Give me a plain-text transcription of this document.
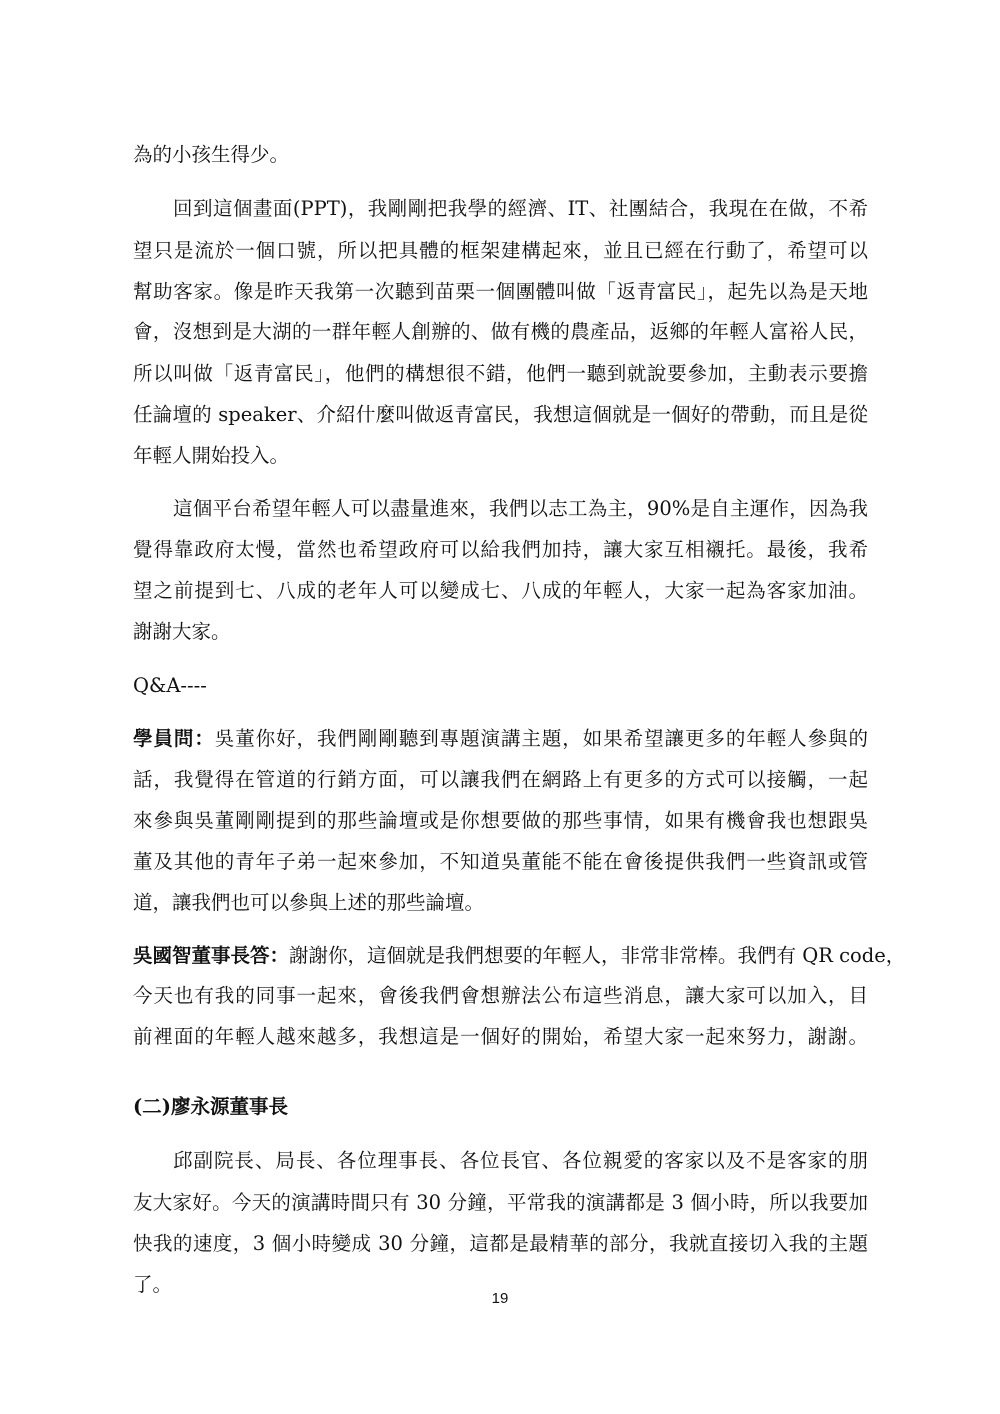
為的小孩生得少。
回到這個畫面(PPT)，我剛剛把我學的經濟、IT、社團結合，我現在在做，不希
望只是流於一個口號，所以把具體的框架建構起來，並且已經在行動了，希望可以
幫助客家。像是昨天我第一次聽到苗栗一個團體叫做「返青富民」，起先以為是天地
會，沒想到是大湖的一群年輕人創辦的、做有機的農產品，返鄉的年輕人富裕人民，
所以叫做「返青富民」，他們的構想很不錯，他們一聽到就說要參加，主動表示要擔
任論壇的 speaker、介紹什麼叫做返青富民，我想這個就是一個好的帶動，而且是從
年輕人開始投入。
這個平台希望年輕人可以盡量進來，我們以志工為主，90%是自主運作，因為我
覺得靠政府太慢，當然也希望政府可以給我們加持，讓大家互相襯托。最後，我希
望之前提到七、八成的老年人可以變成七、八成的年輕人，大家一起為客家加油。
謝謝大家。
Q&A----
學員問：吳董你好，我們剛剛聽到專題演講主題，如果希望讓更多的年輕人參與的
話，我覺得在管道的行銷方面，可以讓我們在網路上有更多的方式可以接觸，一起
來參與吳董剛剛提到的那些論壇或是你想要做的那些事情，如果有機會我也想跟吳
董及其他的青年子弟一起來參加，不知道吳董能不能在會後提供我們一些資訊或管
道，讓我們也可以參與上述的那些論壇。
吳國智董事長答：謝謝你，這個就是我們想要的年輕人，非常非常棒。我們有 QR code，
今天也有我的同事一起來，會後我們會想辦法公布這些消息，讓大家可以加入，目
前裡面的年輕人越來越多，我想這是一個好的開始，希望大家一起來努力，謝謝。
(二)廖永源董事長
邱副院長、局長、各位理事長、各位長官、各位親愛的客家以及不是客家的朋
友大家好。今天的演講時間只有 30 分鐘，平常我的演講都是 3 個小時，所以我要加
快我的速度，3 個小時變成 30 分鐘，這都是最精華的部分，我就直接切入我的主題
了。
19
